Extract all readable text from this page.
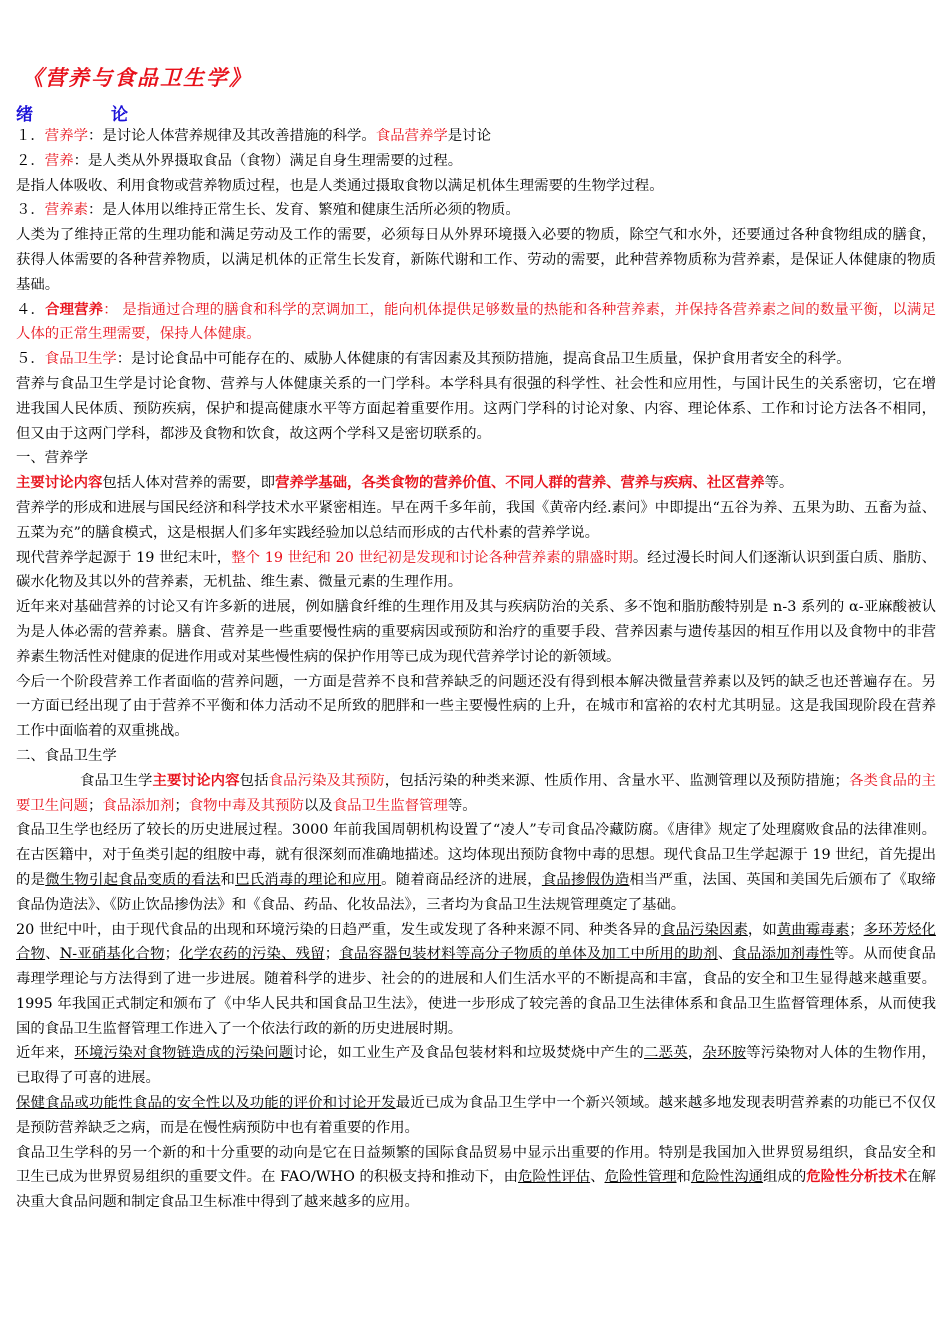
《营养与食品卫生学》
绪	论

１．营养学：是讨论人体营养规律及其改善措施的科学。食品营养学是讨论

２．营养：是人类从外界摄取食品（食物）满足自身生理需要的过程。

是指人体吸收、利用食物或营养物质过程，也是人类通过摄取食物以满足机体生理需要的生物学过程。

３．营养素：是人体用以维持正常生长、发育、繁殖和健康生活所必须的物质。

人类为了维持正常的生理功能和满足劳动及工作的需要，必须每日从外界环境摄入必要的物质，除空气和水外，还要通过各种食物组成的膳食，获得人体需要的各种营养物质，以满足机体的正常生长发育，新陈代谢和工作、劳动的需要，此种营养物质称为营养素，是保证人体健康的物质基础。

４．合理营养： 是指通过合理的膳食和科学的烹调加工，能向机体提供足够数量的热能和各种营养素，并保持各营养素之间的数量平衡，以满足人体的正常生理需要，保持人体健康。

５．食品卫生学：是讨论食品中可能存在的、威胁人体健康的有害因素及其预防措施，提高食品卫生质量，保护食用者安全的科学。

营养与食品卫生学是讨论食物、营养与人体健康关系的一门学科。本学科具有很强的科学性、社会性和应用性，与国计民生的关系密切，它在增进我国人民体质、预防疾病，保护和提高健康水平等方面起着重要作用。这两门学科的讨论对象、内容、理论体系、工作和讨论方法各不相同，但又由于这两门学科，都涉及食物和饮食，故这两个学科又是密切联系的。

一、营养学

主要讨论内容包括人体对营养的需要，即营养学基础，各类食物的营养价值、不同人群的营养、营养与疾病、社区营养等。

营养学的形成和进展与国民经济和科学技术水平紧密相连。早在两千多年前，我国《黄帝内经.素问》中即提出“五谷为养、五果为助、五畜为益、五菜为充”的膳食模式，这是根据人们多年实践经验加以总结而形成的古代朴素的营养学说。

现代营养学起源于 19 世纪末叶，整个 19 世纪和 20 世纪初是发现和讨论各种营养素的鼎盛时期。经过漫长时间人们逐渐认识到蛋白质、脂肪、碳水化物及其以外的营养素，无机盐、维生素、微量元素的生理作用。

近年来对基础营养的讨论又有许多新的进展，例如膳食纤维的生理作用及其与疾病防治的关系、多不饱和脂肪酸特别是 n-3 系列的 α-亚麻酸被认为是人体必需的营养素。膳食、营养是一些重要慢性病的重要病因或预防和治疗的重要手段、营养因素与遗传基因的相互作用以及食物中的非营养素生物活性对健康的促进作用或对某些慢性病的保护作用等已成为现代营养学讨论的新领域。

今后一个阶段营养工作者面临的营养问题，一方面是营养不良和营养缺乏的问题还没有得到根本解决微量营养素以及钙的缺乏也还普遍存在。另一方面已经出现了由于营养不平衡和体力活动不足所致的肥胖和一些主要慢性病的上升，在城市和富裕的农村尤其明显。这是我国现阶段在营养工作中面临着的双重挑战。

二、食品卫生学

食品卫生学主要讨论内容包括食品污染及其预防，包括污染的种类来源、性质作用、含量水平、监测管理以及预防措施；各类食品的主要卫生问题；食品添加剂；食物中毒及其预防以及食品卫生监督管理等。

食品卫生学也经历了较长的历史进展过程。3000 年前我国周朝机构设置了“凌人”专司食品冷藏防腐。《唐律》规定了处理腐败食品的法律准则。在古医籍中，对于鱼类引起的组胺中毒，就有很深刻而准确地描述。这均体现出预防食物中毒的思想。现代食品卫生学起源于 19 世纪，首先提出的是微生物引起食品变质的看法和巴氏消毒的理论和应用。随着商品经济的进展，食品掺假伪造相当严重，法国、英国和美国先后颁布了《取缔食品伪造法》、《防止饮品掺伪法》和《食品、药品、化妆品法》，三者均为食品卫生法规管理奠定了基础。

20 世纪中叶，由于现代食品的出现和环境污染的日趋严重，发生或发现了各种来源不同、种类各异的食品污染因素，如黄曲霉毒素；多环芳烃化合物、N-亚硝基化合物；化学农药的污染、残留；食品容器包装材料等高分子物质的单体及加工中所用的助剂、食品添加剂毒性等。从而使食品毒理学理论与方法得到了进一步进展。随着科学的进步、社会的的进展和人们生活水平的不断提高和丰富，食品的安全和卫生显得越来越重要。1995 年我国正式制定和颁布了《中华人民共和国食品卫生法》，使进一步形成了较完善的食品卫生法律体系和食品卫生监督管理体系，从而使我国的食品卫生监督管理工作进入了一个依法行政的新的历史进展时期。

近年来，环境污染对食物链造成的污染问题讨论，如工业生产及食品包装材料和垃圾焚烧中产生的二恶英，杂环胺等污染物对人体的生物作用，已取得了可喜的进展。

保健食品或功能性食品的安全性以及功能的评价和讨论开发最近已成为食品卫生学中一个新兴领域。越来越多地发现表明营养素的功能已不仅仅是预防营养缺乏之病，而是在慢性病预防中也有着重要的作用。

食品卫生学科的另一个新的和十分重要的动向是它在日益频繁的国际食品贸易中显示出重要的作用。特别是我国加入世界贸易组织，食品安全和卫生已成为世界贸易组织的重要文件。在 FAO/WHO 的积极支持和推动下，由危险性评估、危险性管理和危险性沟通组成的危险性分析技术在解决重大食品问题和制定食品卫生标准中得到了越来越多的应用。
